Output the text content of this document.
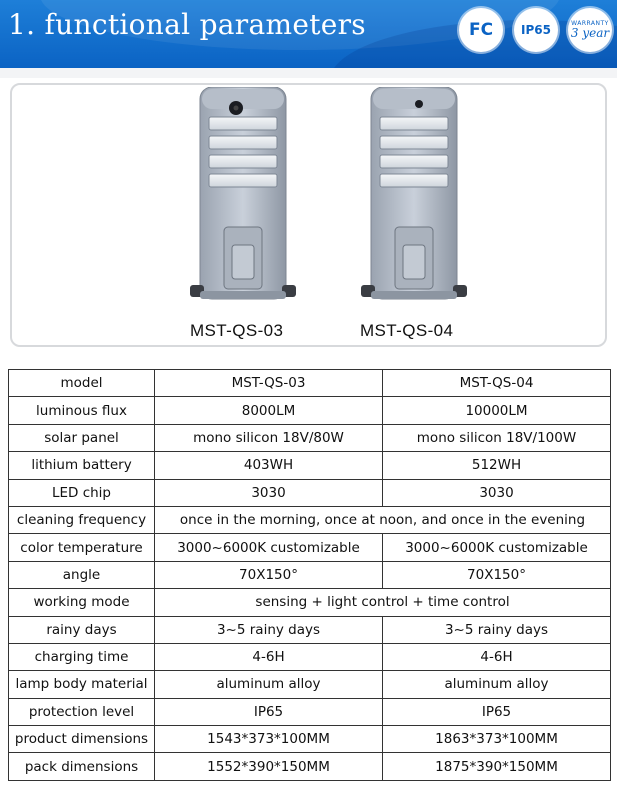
1. functional parameters	FC IP65	WARRANTY
3 year
MST-QS-03	MST-QS-04
model	MST-QS-03	MST-QS-04
luminous flux	8000LM	10000LM
solar panel	mono silicon 18V/80W	mono silicon 18V/100W
lithium battery	403WH	512WH
LED chip	3030	3030
cleaning frequency	once in the morning, once at noon, and once in the evening	
color temperature	3000~6000K customizable	3000~6000K customizable
angle	70X150°	70X150°
working mode	sensing + light control + time control	
rainy days	3~5 rainy days	3~5 rainy days
charging time	4-6H	4-6H
lamp body material	aluminum alloy	aluminum alloy
protection level	IP65	IP65
product dimensions	1543*373*100MM	1863*373*100MM
pack dimensions	1552*390*150MM	1875*390*150MM
